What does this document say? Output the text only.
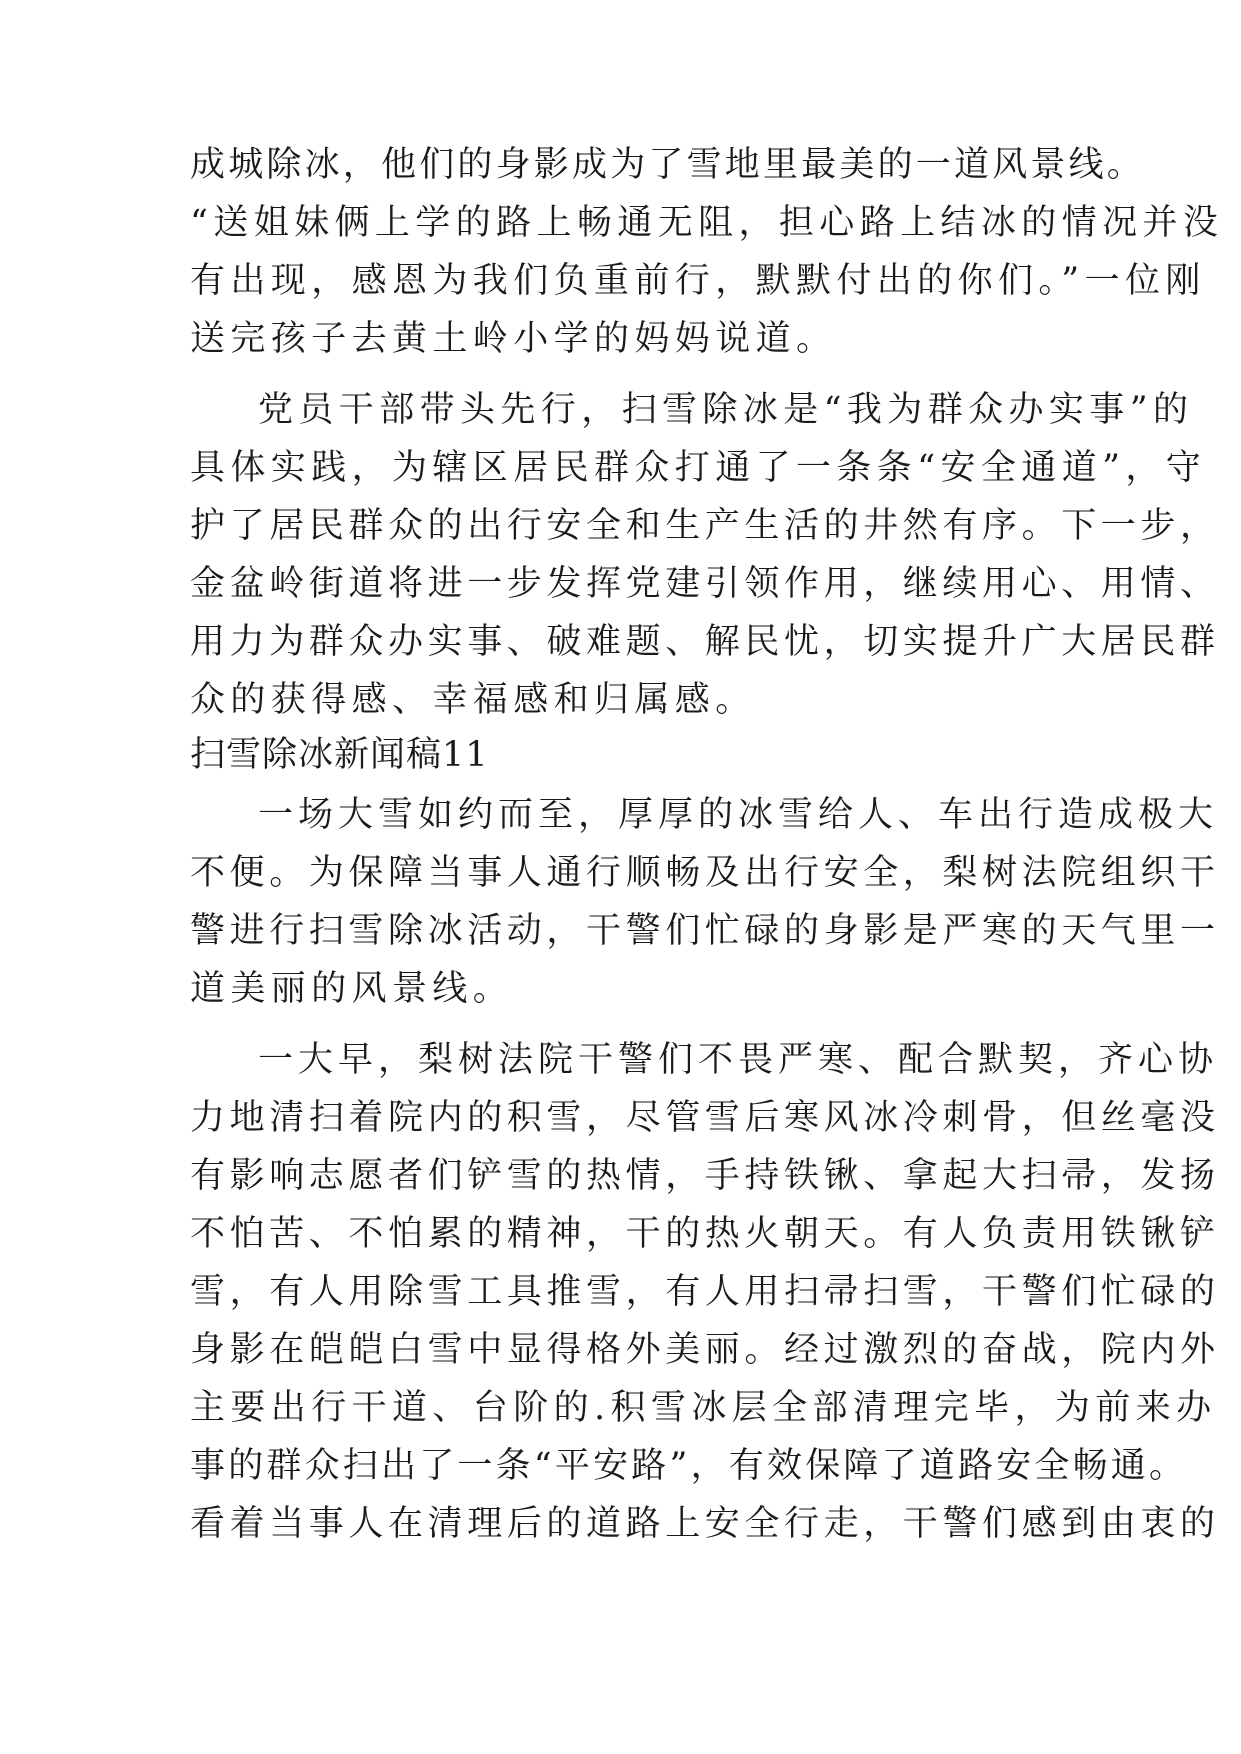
成城除冰，他们的身影成为了雪地里最美的一道风景线。
“送姐妹俩上学的路上畅通无阻，担心路上结冰的情况并没
有出现，感恩为我们负重前行，默默付出的你们。”一位刚
送完孩子去黄土岭小学的妈妈说道。
党员干部带头先行，扫雪除冰是“我为群众办实事”的
具体实践，为辖区居民群众打通了一条条“安全通道”，守
护了居民群众的出行安全和生产生活的井然有序。下一步，
金盆岭街道将进一步发挥党建引领作用，继续用心、用情、
用力为群众办实事、破难题、解民忧，切实提升广大居民群
众的获得感、幸福感和归属感。
扫雪除冰新闻稿11
一场大雪如约而至，厚厚的冰雪给人、车出行造成极大
不便。为保障当事人通行顺畅及出行安全，梨树法院组织干
警进行扫雪除冰活动，干警们忙碌的身影是严寒的天气里一
道美丽的风景线。
一大早，梨树法院干警们不畏严寒、配合默契，齐心协
力地清扫着院内的积雪，尽管雪后寒风冰冷刺骨，但丝毫没
有影响志愿者们铲雪的热情，手持铁锹、拿起大扫帚，发扬
不怕苦、不怕累的精神，干的热火朝天。有人负责用铁锹铲
雪，有人用除雪工具推雪，有人用扫帚扫雪，干警们忙碌的
身影在皑皑白雪中显得格外美丽。经过激烈的奋战，院内外
主要出行干道、台阶的.积雪冰层全部清理完毕，为前来办
事的群众扫出了一条“平安路”，有效保障了道路安全畅通。
看着当事人在清理后的道路上安全行走，干警们感到由衷的
